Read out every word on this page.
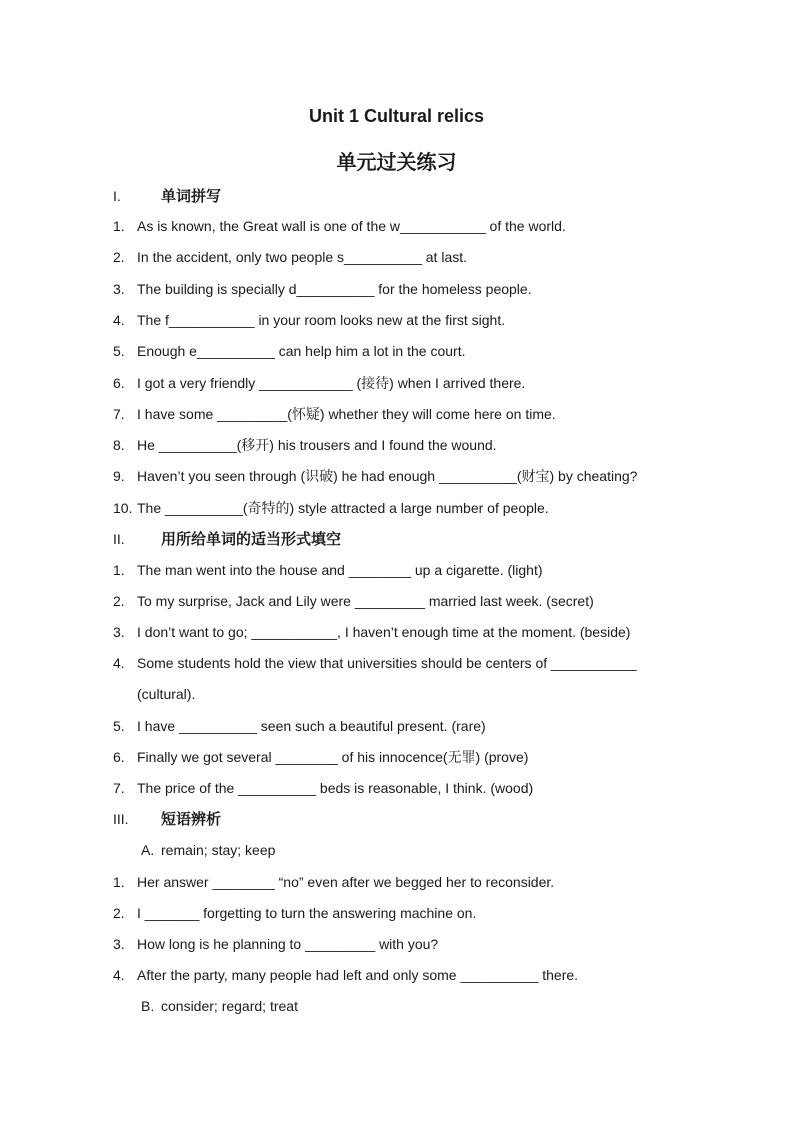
Unit 1 Cultural relics
单元过关练习
I.	单词拼写
1. As is known, the Great wall is one of the w___________ of the world.
2. In the accident, only two people s__________ at last.
3. The building is specially d__________ for the homeless people.
4. The f___________ in your room looks new at the first sight.
5. Enough e__________ can help him a lot in the court.
6. I got a very friendly ____________ (接待) when I arrived there.
7. I have some _________(怀疑) whether they will come here on time.
8. He __________(移开) his trousers and I found the wound.
9. Haven’t you seen through (识破) he had enough __________(财宝) by cheating?
10. The __________(奇特的) style attracted a large number of people.
II.	用所给单词的适当形式填空
1. The man went into the house and ________ up a cigarette. (light)
2. To my surprise, Jack and Lily were _________ married last week. (secret)
3. I don’t want to go; ___________, I haven’t enough time at the moment. (beside)
4. Some students hold the view that universities should be centers of ___________
(cultural).
5. I have __________ seen such a beautiful present. (rare)
6. Finally we got several ________ of his innocence(无罪) (prove)
7. The price of the __________ beds is reasonable, I think. (wood)
III.	短语辨析
A. remain; stay; keep
1. Her answer ________ “no” even after we begged her to reconsider.
2. I _______ forgetting to turn the answering machine on.
3. How long is he planning to _________ with you?
4. After the party, many people had left and only some __________ there.
B. consider; regard; treat
